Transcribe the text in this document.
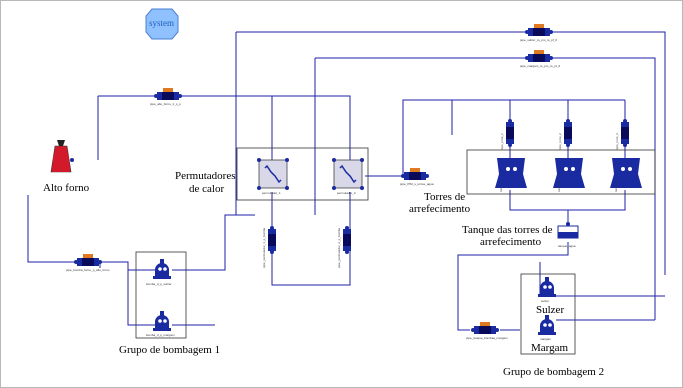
system
Alto forno
Permutadores
de calor
Torres de
arrefecimento
Tanque das torres de
arrefecimento
Sulzer
Margam
Grupo de bombagem 1
Grupo de bombagem 2
pipe_alto_forno_1_p_p
pipe_bomba_forno_p_alto_forno
pipe_PIM_s_torres_agua
pipe_sulzer_to_pm_to_pf_6
pipe_margam_to_pm_to_pf_6
pipe_tanque_bombas_margam
tanque_agua
bomba_d_p_sulzer
bomba_d_p_margam
sulzer
margam
permutador_1	permutador_2
torre_1	torre_2	torre_3
pipe_permutador_1_p_bomba	pipe_permutador_2_p_bomba
pipe_torre_1	pipe_torre_2	pipe_torre_3
